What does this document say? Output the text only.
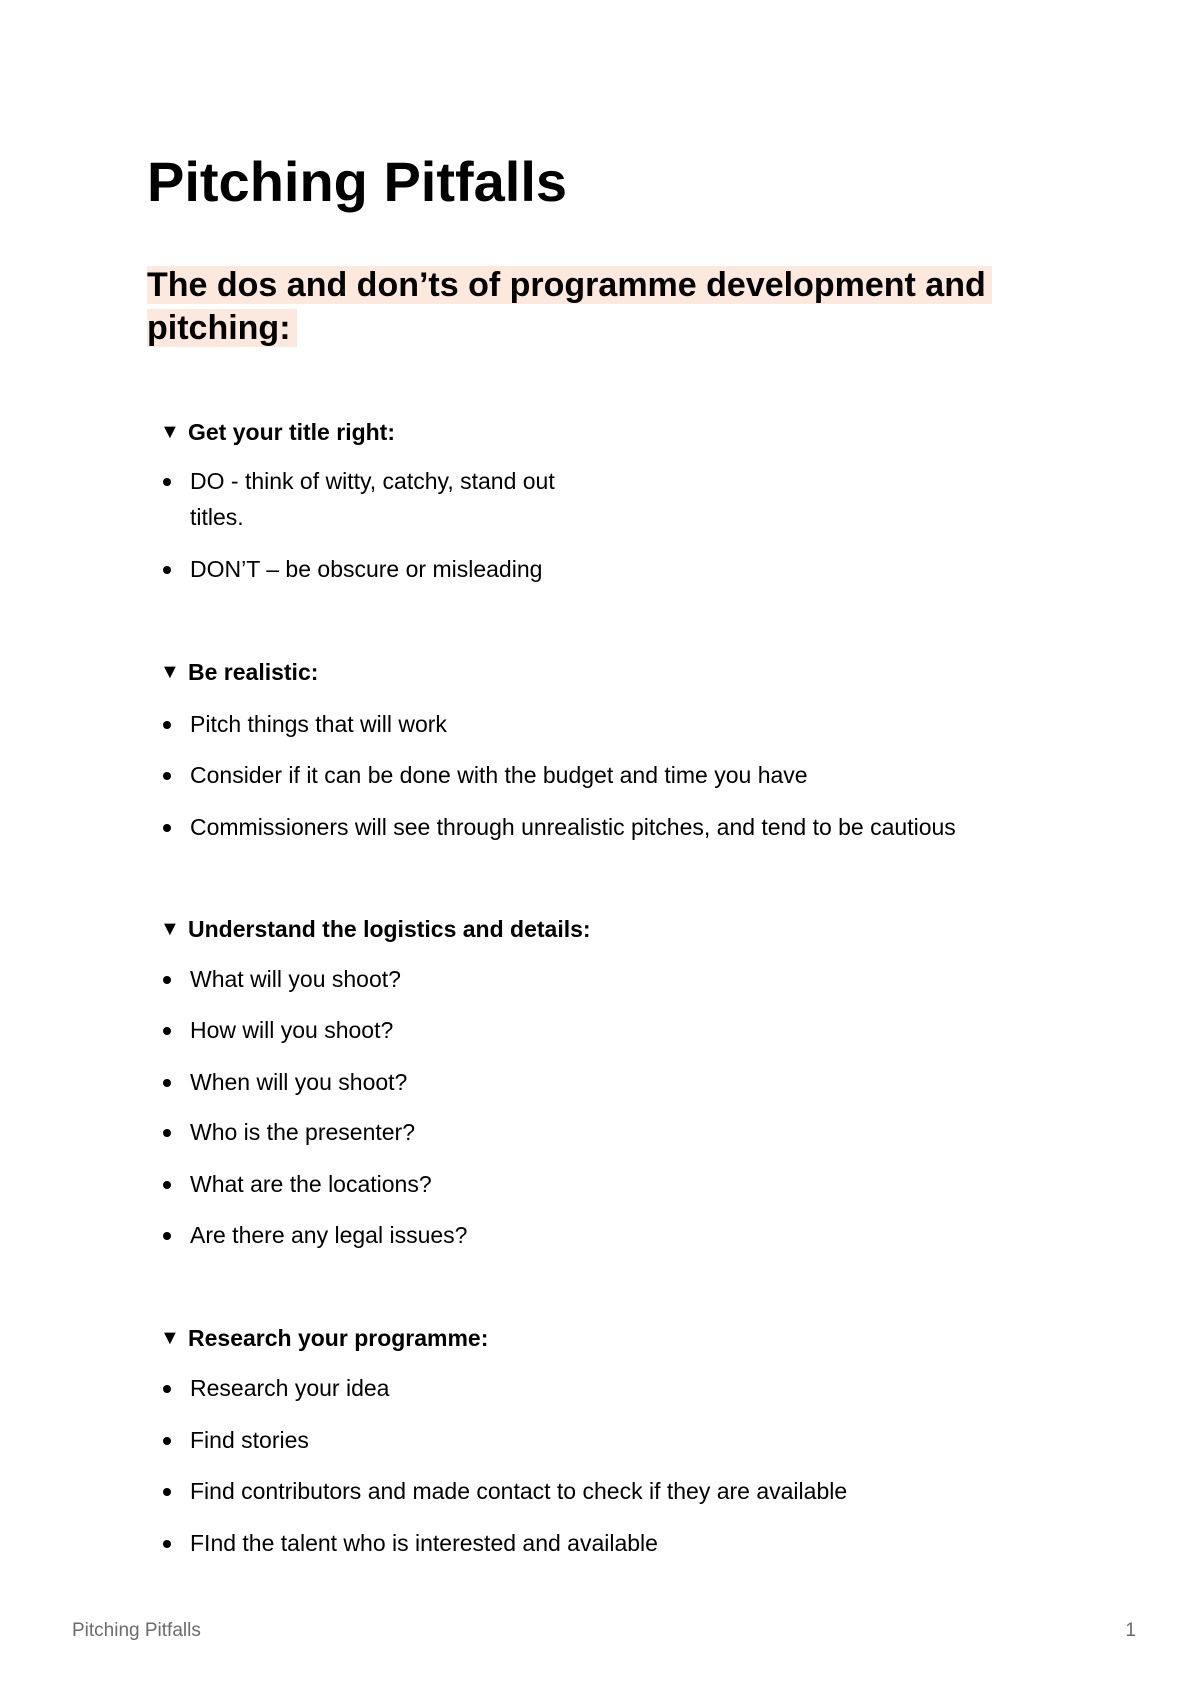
Pitching Pitfalls
The dos and don’ts of programme development and pitching:
▼ Get your title right:
DO - think of witty, catchy, stand out
titles.
DON’T – be obscure or misleading
▼ Be realistic:
Pitch things that will work
Consider if it can be done with the budget and time you have
Commissioners will see through unrealistic pitches, and tend to be cautious
▼ Understand the logistics and details:
What will you shoot?
How will you shoot?
When will you shoot?
Who is the presenter?
What are the locations?
Are there any legal issues?
▼ Research your programme:
Research your idea
Find stories
Find contributors and made contact to check if they are available
FInd the talent who is interested and available
Pitching Pitfalls	1
